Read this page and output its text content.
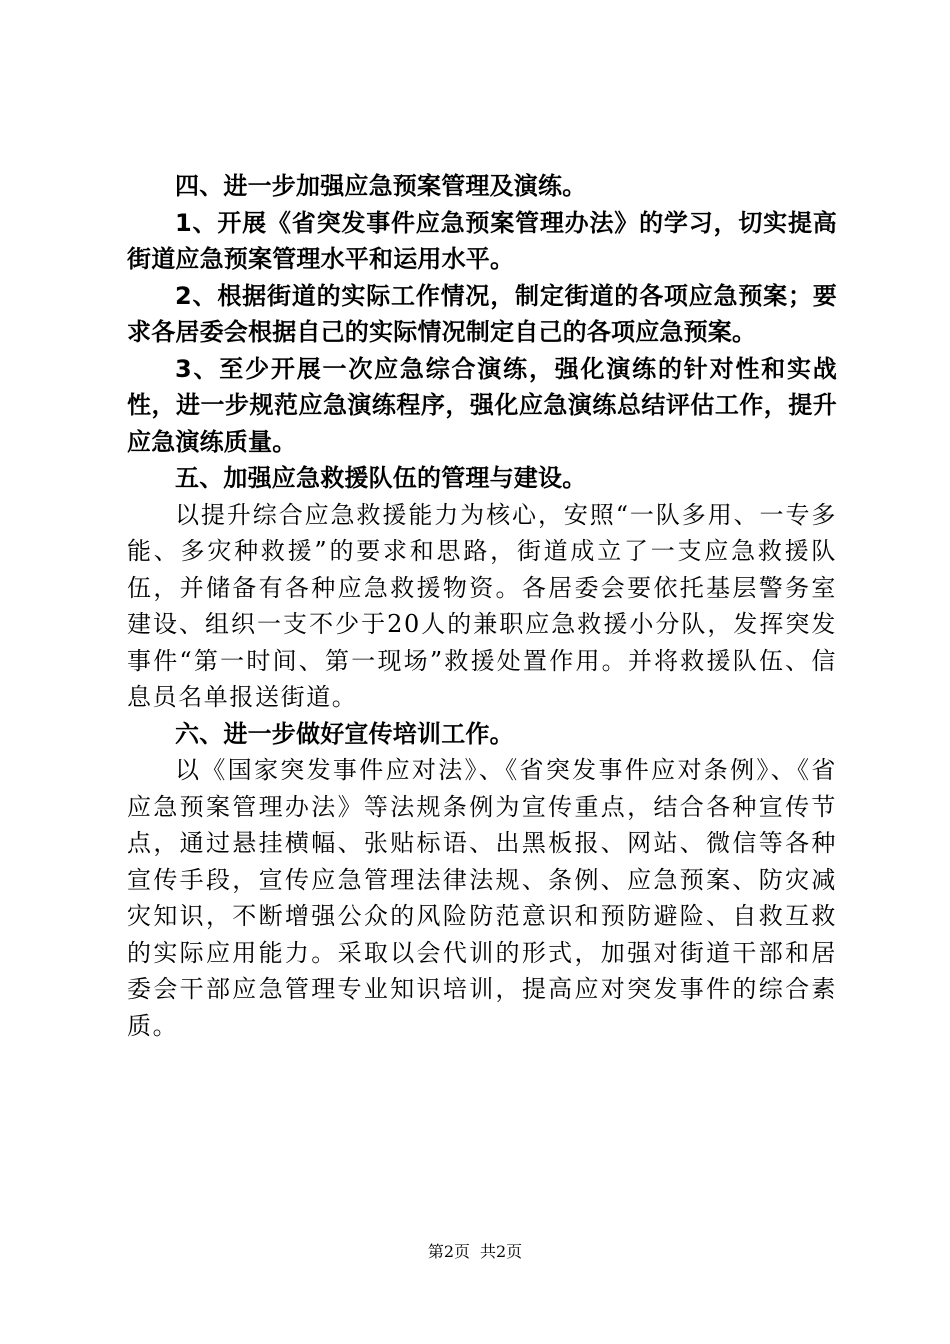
四、进一步加强应急预案管理及演练。

1、开展《省突发事件应急预案管理办法》的学习，切实提高街道应急预案管理水平和运用水平。

2、根据街道的实际工作情况，制定街道的各项应急预案；要求各居委会根据自己的实际情况制定自己的各项应急预案。

3、至少开展一次应急综合演练，强化演练的针对性和实战性，进一步规范应急演练程序，强化应急演练总结评估工作，提升应急演练质量。

五、加强应急救援队伍的管理与建设。

以提升综合应急救援能力为核心，安照“一队多用、一专多能、多灾种救援”的要求和思路，街道成立了一支应急救援队伍，并储备有各种应急救援物资。各居委会要依托基层警务室建设、组织一支不少于20人的兼职应急救援小分队，发挥突发事件“第一时间、第一现场”救援处置作用。并将救援队伍、信息员名单报送街道。

六、进一步做好宣传培训工作。

以《国家突发事件应对法》、《省突发事件应对条例》、《省应急预案管理办法》等法规条例为宣传重点，结合各种宣传节点，通过悬挂横幅、张贴标语、出黑板报、网站、微信等各种宣传手段，宣传应急管理法律法规、条例、应急预案、防灾减灾知识，不断增强公众的风险防范意识和预防避险、自救互救的实际应用能力。采取以会代训的形式，加强对街道干部和居委会干部应急管理专业知识培训，提高应对突发事件的综合素质。

第2页 共2页
